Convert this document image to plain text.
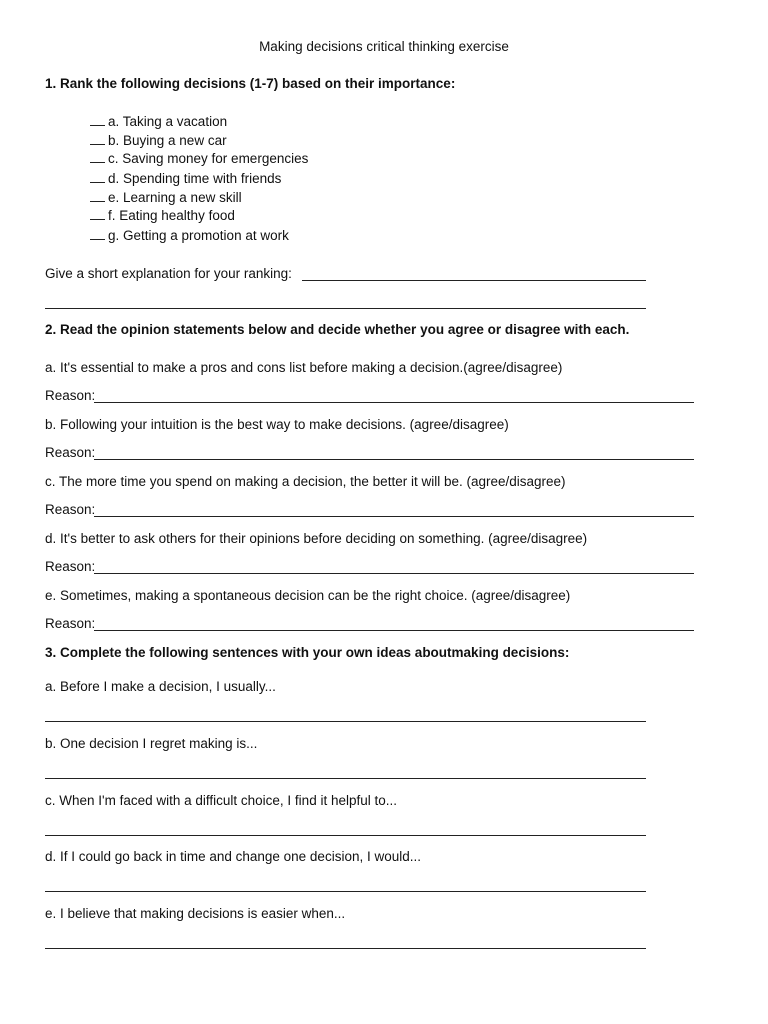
Making decisions critical thinking exercise
1. Rank the following decisions (1-7) based on their importance:
a. Taking a vacation
b. Buying a new car
c. Saving money for emergencies
d. Spending time with friends
e. Learning a new skill
f. Eating healthy food
g. Getting a promotion at work
Give a short explanation for your ranking:
2. Read the opinion statements below and decide whether you agree or disagree with each.
a. It's essential to make a pros and cons list before making a decision.(agree/disagree)
Reason:
b. Following your intuition is the best way to make decisions. (agree/disagree)
Reason:
c. The more time you spend on making a decision, the better it will be. (agree/disagree)
Reason:
d. It's better to ask others for their opinions before deciding on something. (agree/disagree)
Reason:
e. Sometimes, making a spontaneous decision can be the right choice. (agree/disagree)
Reason:
3. Complete the following sentences with your own ideas aboutmaking decisions:
a. Before I make a decision, I usually...
b. One decision I regret making is...
c. When I'm faced with a difficult choice, I find it helpful to...
d. If I could go back in time and change one decision, I would...
e. I believe that making decisions is easier when...
